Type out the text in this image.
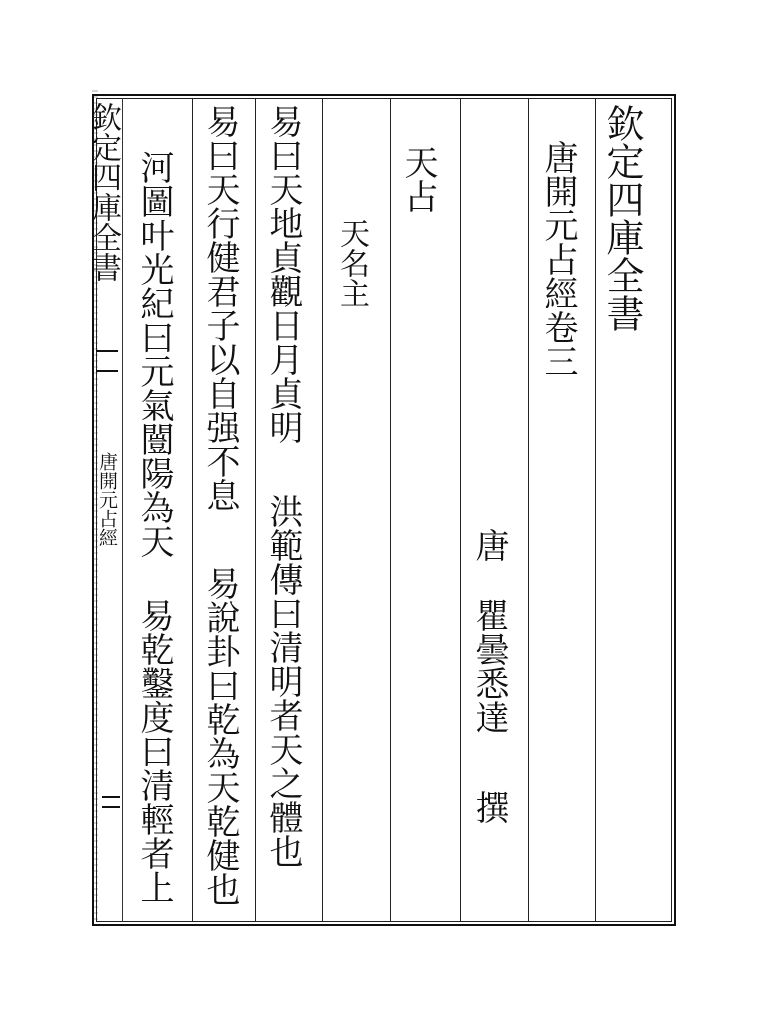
欽定四庫全書
唐開元占經
欽定四庫全書
唐開元占經卷三
唐
瞿曇悉達
撰
天占
天名主
易曰天地貞觀日月貞明
洪範傳曰清明者天之體也
易曰天行健君子以自强不息
易說卦曰乾為天乾健也
河圖叶光紀曰元氣闓陽為天
易乾鑿度曰清輕者上
